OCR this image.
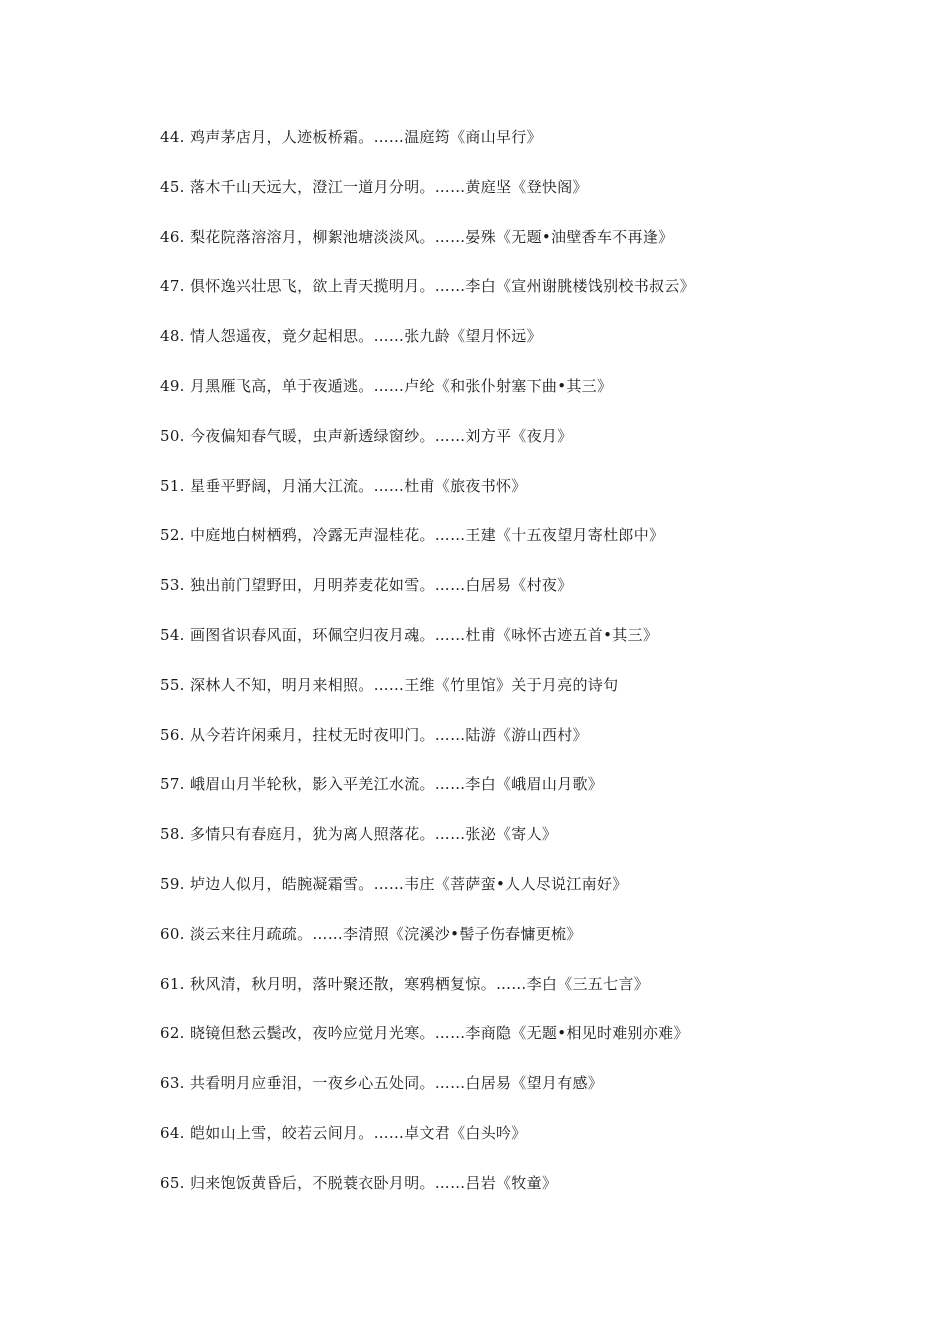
44. 鸡声茅店月，人迹板桥霜。……温庭筠《商山早行》
45. 落木千山天远大，澄江一道月分明。……黄庭坚《登快阁》
46. 梨花院落溶溶月，柳絮池塘淡淡风。……晏殊《无题•油壁香车不再逢》
47. 俱怀逸兴壮思飞，欲上青天揽明月。……李白《宣州谢朓楼饯别校书叔云》
48. 情人怨遥夜，竟夕起相思。……张九龄《望月怀远》
49. 月黑雁飞高，单于夜遁逃。……卢纶《和张仆射塞下曲•其三》
50. 今夜偏知春气暖，虫声新透绿窗纱。……刘方平《夜月》
51. 星垂平野阔，月涌大江流。……杜甫《旅夜书怀》
52. 中庭地白树栖鸦，冷露无声湿桂花。……王建《十五夜望月寄杜郎中》
53. 独出前门望野田，月明荞麦花如雪。……白居易《村夜》
54. 画图省识春风面，环佩空归夜月魂。……杜甫《咏怀古迹五首•其三》
55. 深林人不知，明月来相照。……王维《竹里馆》关于月亮的诗句
56. 从今若许闲乘月，拄杖无时夜叩门。……陆游《游山西村》
57. 峨眉山月半轮秋，影入平羌江水流。……李白《峨眉山月歌》
58. 多情只有春庭月，犹为离人照落花。……张泌《寄人》
59. 垆边人似月，皓腕凝霜雪。……韦庄《菩萨蛮•人人尽说江南好》
60. 淡云来往月疏疏。……李清照《浣溪沙•髻子伤春慵更梳》
61. 秋风清，秋月明，落叶聚还散，寒鸦栖复惊。……李白《三五七言》
62. 晓镜但愁云鬓改，夜吟应觉月光寒。……李商隐《无题•相见时难别亦难》
63. 共看明月应垂泪，一夜乡心五处同。……白居易《望月有感》
64. 皑如山上雪，皎若云间月。……卓文君《白头吟》
65. 归来饱饭黄昏后，不脱蓑衣卧月明。……吕岩《牧童》
